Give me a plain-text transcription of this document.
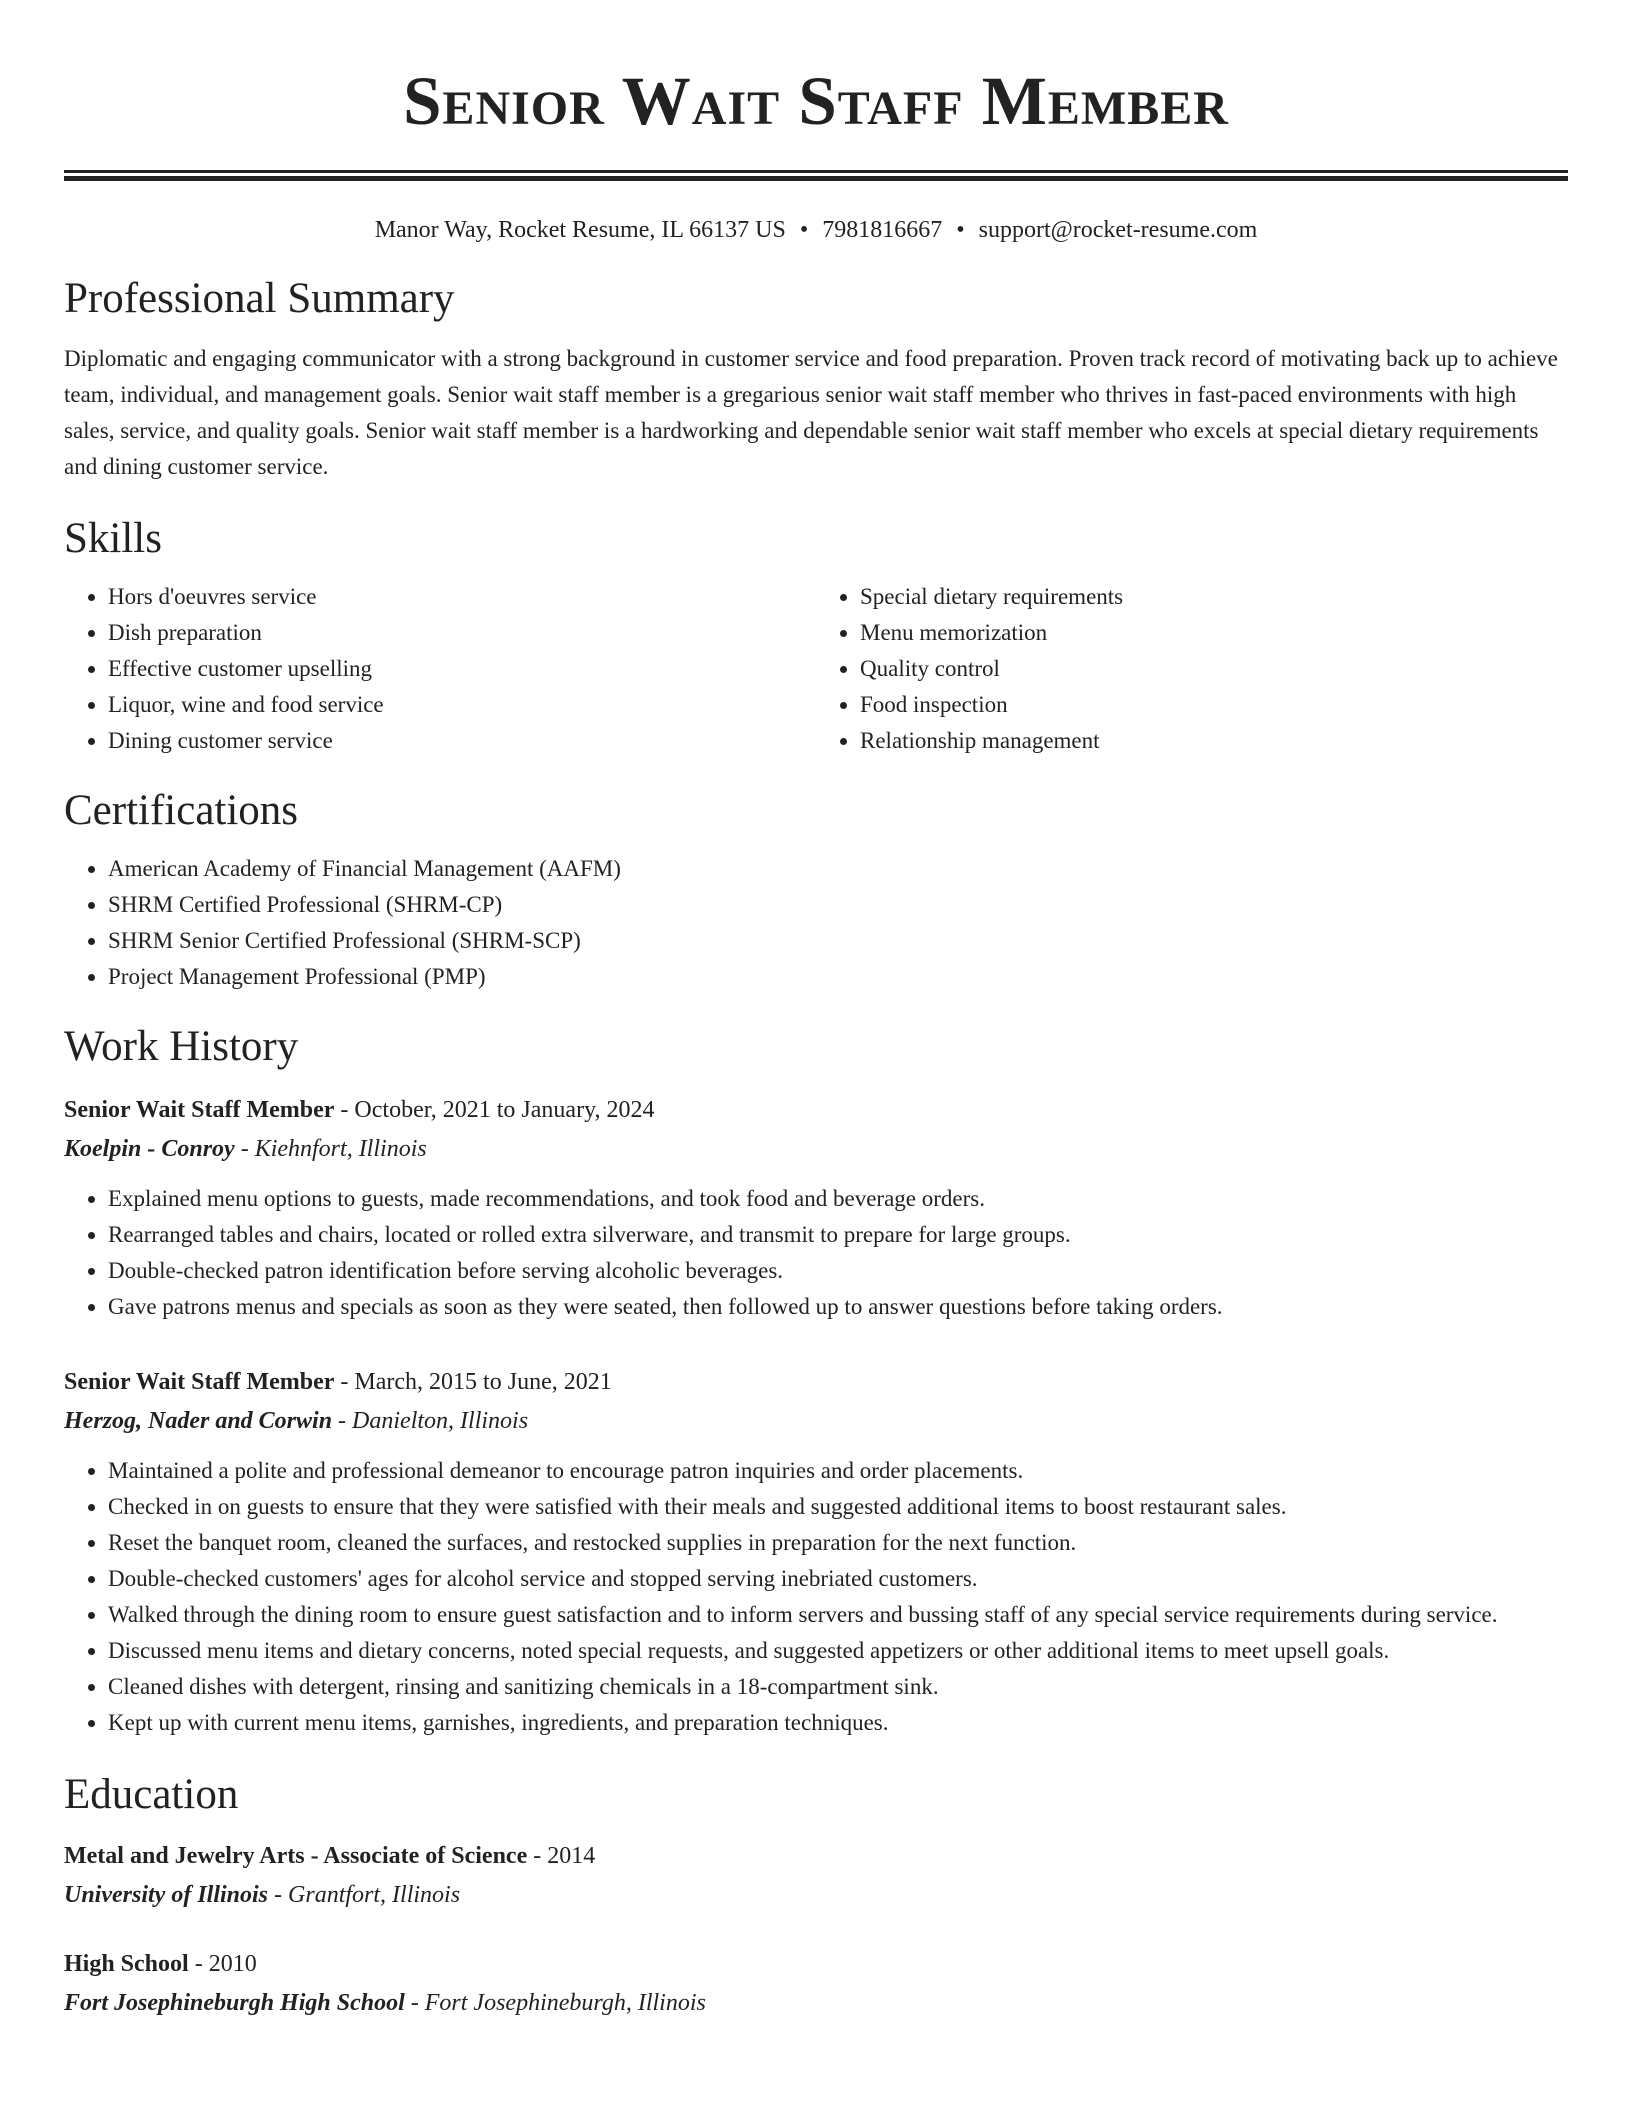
Senior Wait Staff Member
Manor Way, Rocket Resume, IL 66137 US • 7981816667 • support@rocket-resume.com
Professional Summary

Diplomatic and engaging communicator with a strong background in customer service and food preparation. Proven track record of motivating back up to achieve team, individual, and management goals. Senior wait staff member is a gregarious senior wait staff member who thrives in fast-paced environments with high sales, service, and quality goals. Senior wait staff member is a hardworking and dependable senior wait staff member who excels at special dietary requirements and dining customer service.

Skills
• Hors d'oeuvres service
• Dish preparation
• Effective customer upselling
• Liquor, wine and food service
• Dining customer service
• Special dietary requirements
• Menu memorization
• Quality control
• Food inspection
• Relationship management
Certifications
• American Academy of Financial Management (AAFM)
• SHRM Certified Professional (SHRM-CP)
• SHRM Senior Certified Professional (SHRM-SCP)
• Project Management Professional (PMP)
Work History
Senior Wait Staff Member - October, 2021 to January, 2024
Koelpin - Conroy - Kiehnfort, Illinois
• Explained menu options to guests, made recommendations, and took food and beverage orders.
• Rearranged tables and chairs, located or rolled extra silverware, and transmit to prepare for large groups.
• Double-checked patron identification before serving alcoholic beverages.
• Gave patrons menus and specials as soon as they were seated, then followed up to answer questions before taking orders.
Senior Wait Staff Member - March, 2015 to June, 2021
Herzog, Nader and Corwin - Danielton, Illinois
• Maintained a polite and professional demeanor to encourage patron inquiries and order placements.
• Checked in on guests to ensure that they were satisfied with their meals and suggested additional items to boost restaurant sales.
• Reset the banquet room, cleaned the surfaces, and restocked supplies in preparation for the next function.
• Double-checked customers' ages for alcohol service and stopped serving inebriated customers.
• Walked through the dining room to ensure guest satisfaction and to inform servers and bussing staff of any special service requirements during service.
• Discussed menu items and dietary concerns, noted special requests, and suggested appetizers or other additional items to meet upsell goals.
• Cleaned dishes with detergent, rinsing and sanitizing chemicals in a 18-compartment sink.
• Kept up with current menu items, garnishes, ingredients, and preparation techniques.
Education
Metal and Jewelry Arts - Associate of Science - 2014
University of Illinois - Grantfort, Illinois
High School - 2010
Fort Josephineburgh High School - Fort Josephineburgh, Illinois
